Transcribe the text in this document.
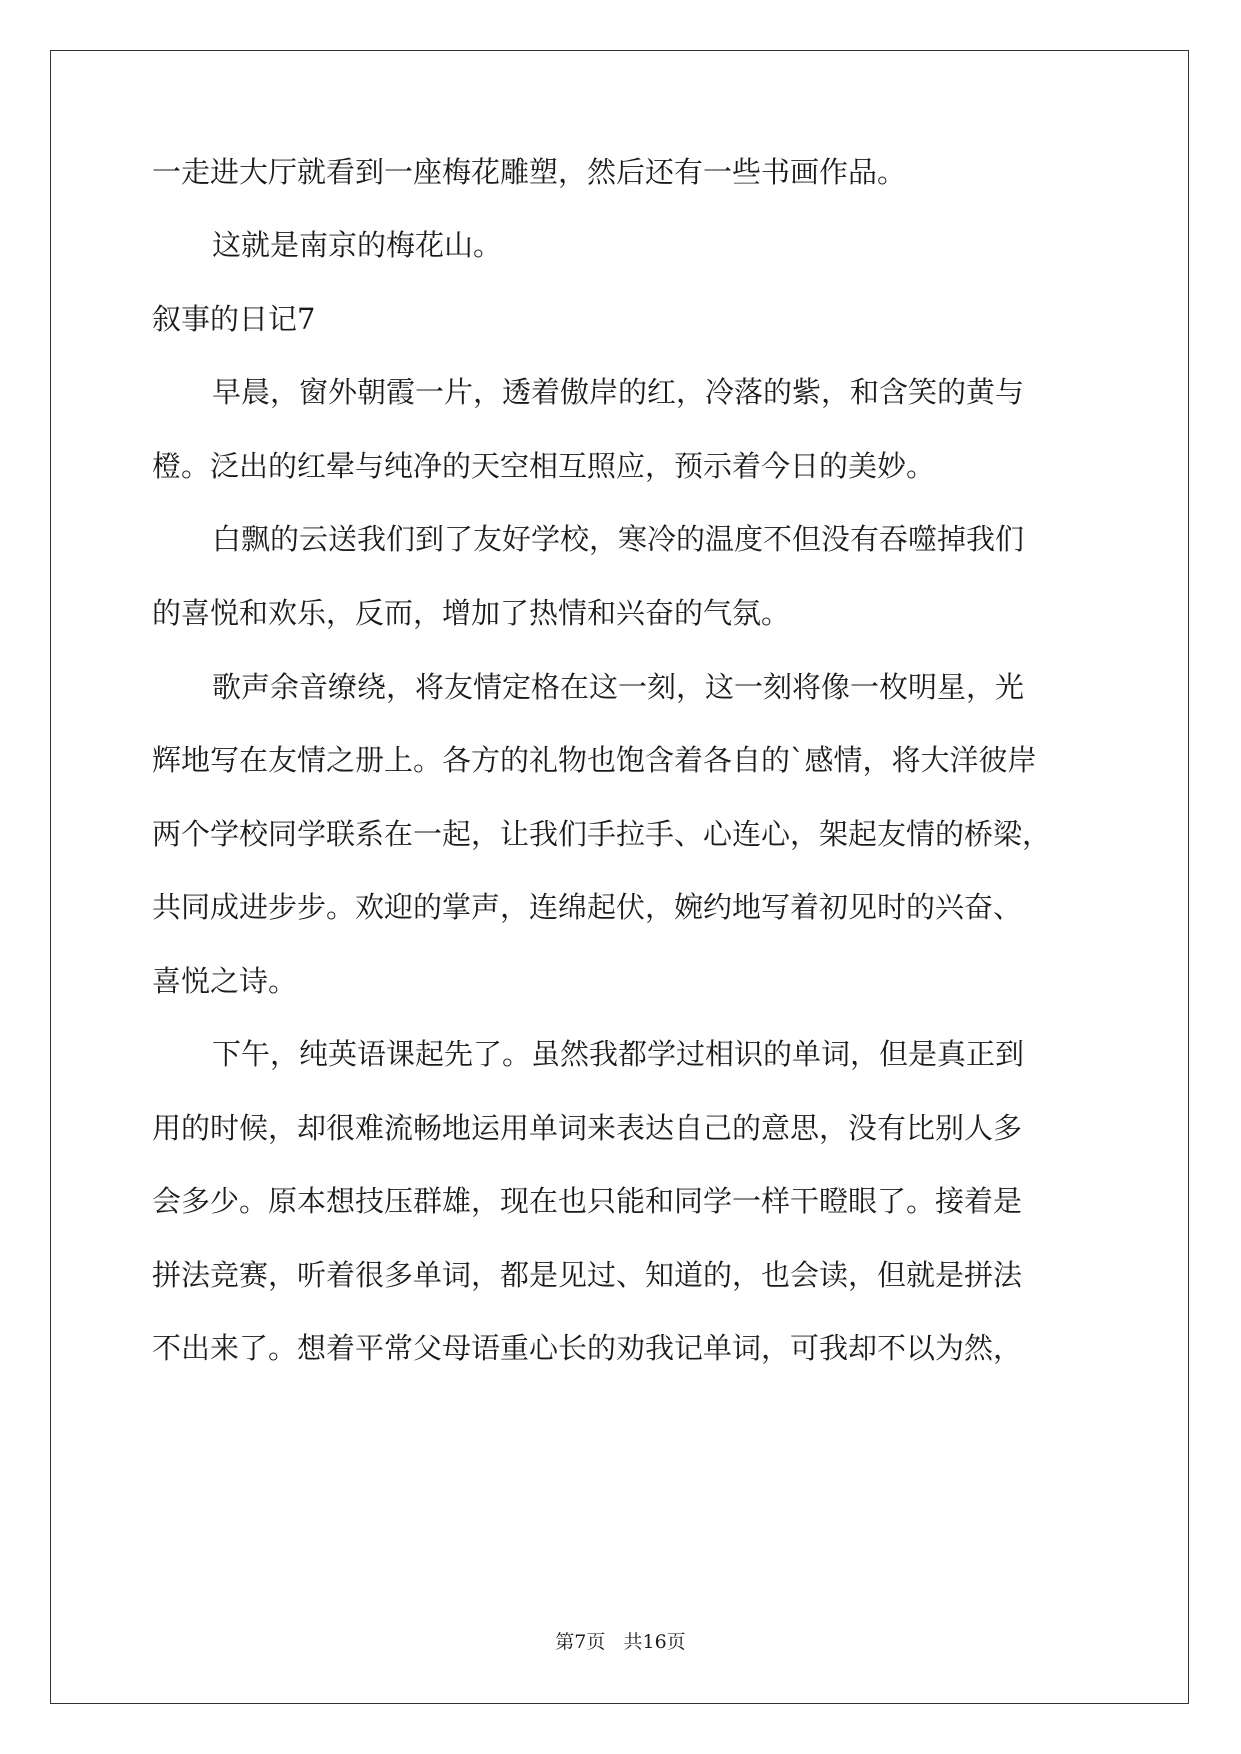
一走进大厅就看到一座梅花雕塑，然后还有一些书画作品。
这就是南京的梅花山。
叙事的日记7
早晨，窗外朝霞一片，透着傲岸的红，冷落的紫，和含笑的黄与
橙。泛出的红晕与纯净的天空相互照应，预示着今日的美妙。
白飘的云送我们到了友好学校，寒冷的温度不但没有吞噬掉我们
的喜悦和欢乐，反而，增加了热情和兴奋的气氛。
歌声余音缭绕，将友情定格在这一刻，这一刻将像一枚明星，光
辉地写在友情之册上。各方的礼物也饱含着各自的`感情，将大洋彼岸
两个学校同学联系在一起，让我们手拉手、心连心，架起友情的桥梁，
共同成进步步。欢迎的掌声，连绵起伏，婉约地写着初见时的兴奋、
喜悦之诗。
下午，纯英语课起先了。虽然我都学过相识的单词，但是真正到
用的时候，却很难流畅地运用单词来表达自己的意思，没有比别人多
会多少。原本想技压群雄，现在也只能和同学一样干瞪眼了。接着是
拼法竞赛，听着很多单词，都是见过、知道的，也会读，但就是拼法
不出来了。想着平常父母语重心长的劝我记单词，可我却不以为然，
第7页   共16页
